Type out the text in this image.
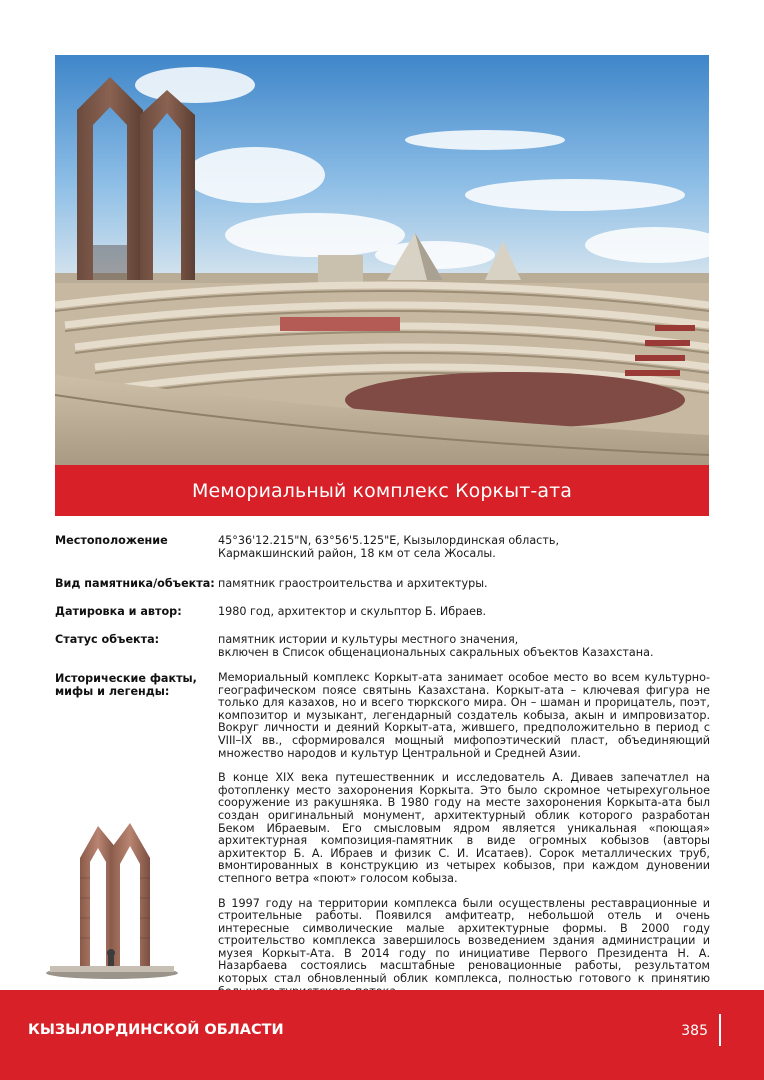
Мемориальный комплекс Коркыт-ата
Местоположение	45°36'12.215"N, 63°56'5.125"E, Кызылординская область,
Кармакшинский район, 18 км от села Жосалы.
Вид памятника/объекта: памятник граостроительства и архитектуры.
Датировка и автор:	1980 год, архитектор и скульптор Б. Ибраев.
Статус объекта:	памятник истории и культуры местного значения,
включен в Список общенациональных сакральных объектов Казахстана.
Исторические факты, мифы и легенды:

Мемориальный комплекс Коркыт-ата занимает особое место во всем культурно-географическом поясе святынь Казахстана. Коркыт-ата – ключевая фигура не только для казахов, но и всего тюркского мира. Он – шаман и прорицатель, поэт, композитор и музыкант, легендарный создатель кобыза, акын и импровизатор. Вокруг личности и деяний Коркыт-ата, жившего, предположительно в период с VIII–IX вв., сформировался мощный мифопоэтический пласт, объединяющий множество народов и культур Центральной и Средней Азии.

В конце XIX века путешественник и исследователь А. Диваев запечатлел на фотопленку место захоронения Коркыта. Это было скромное четырехугольное сооружение из ракушняка. В 1980 году на месте захоронения Коркыта-ата был создан оригинальный монумент, архитектурный облик которого разработан Беком Ибраевым. Его смысловым ядром является уникальная «поющая» архитектурная композиция-памятник в виде огромных кобызов (авторы архитектор Б. А. Ибраев и физик С. И. Исатаев). Сорок металлических труб, вмонтированных в конструкцию из четырех кобызов, при каждом дуновении степного ветра «поют» голосом кобыза.

В 1997 году на территории комплекса были осуществлены реставрационные и строительные работы. Появился амфитеатр, небольшой отель и очень интересные символические малые архитектурные формы. В 2000 году строительство комплекса завершилось возведением здания администрации и музея Коркыт-Ата. В 2014 году по инициативе Первого Президента Н. А. Назарбаева состоялись масштабные реновационные работы, результатом которых стал обновленный облик комплекса, полностью готового к принятию

КЫЗЫЛОРДИНСКОЙ ОБЛАСТИ	385
